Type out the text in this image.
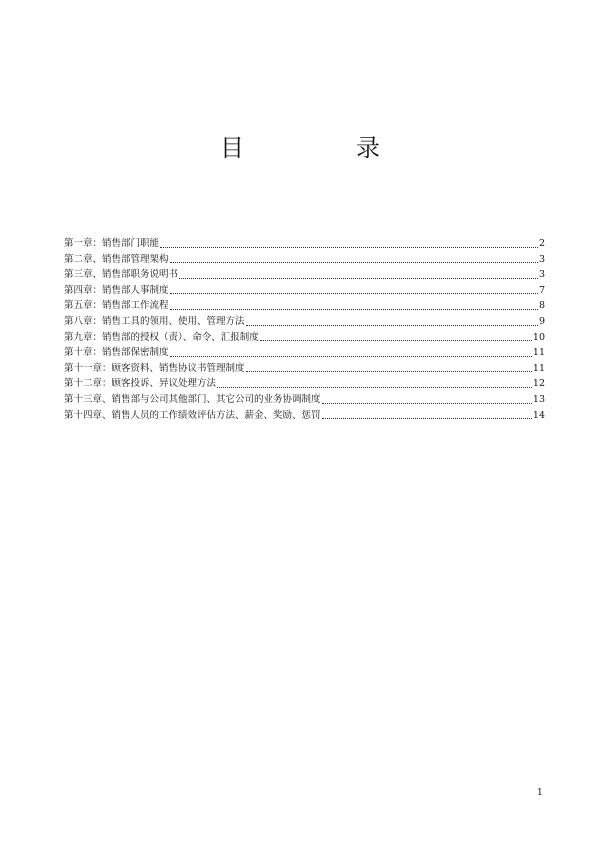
目　录
第一章：销售部门职能	2
第二章、销售部管理架构	3
第三章、销售部职务说明书	3
第四章：销售部人事制度	7
第五章：销售部工作流程	8
第八章：销售工具的领用、使用、管理方法	9
第九章：销售部的授权（责）、命令、汇报制度	10
第十章：销售部保密制度	11
第十一章：顾客资料、销售协议书管理制度	11
第十二章：顾客投诉、异议处理方法	12
第十三章、销售部与公司其他部门、其它公司的业务协调制度	13
第十四章、销售人员的工作绩效评估方法、薪金、奖励、惩罚	14
1
